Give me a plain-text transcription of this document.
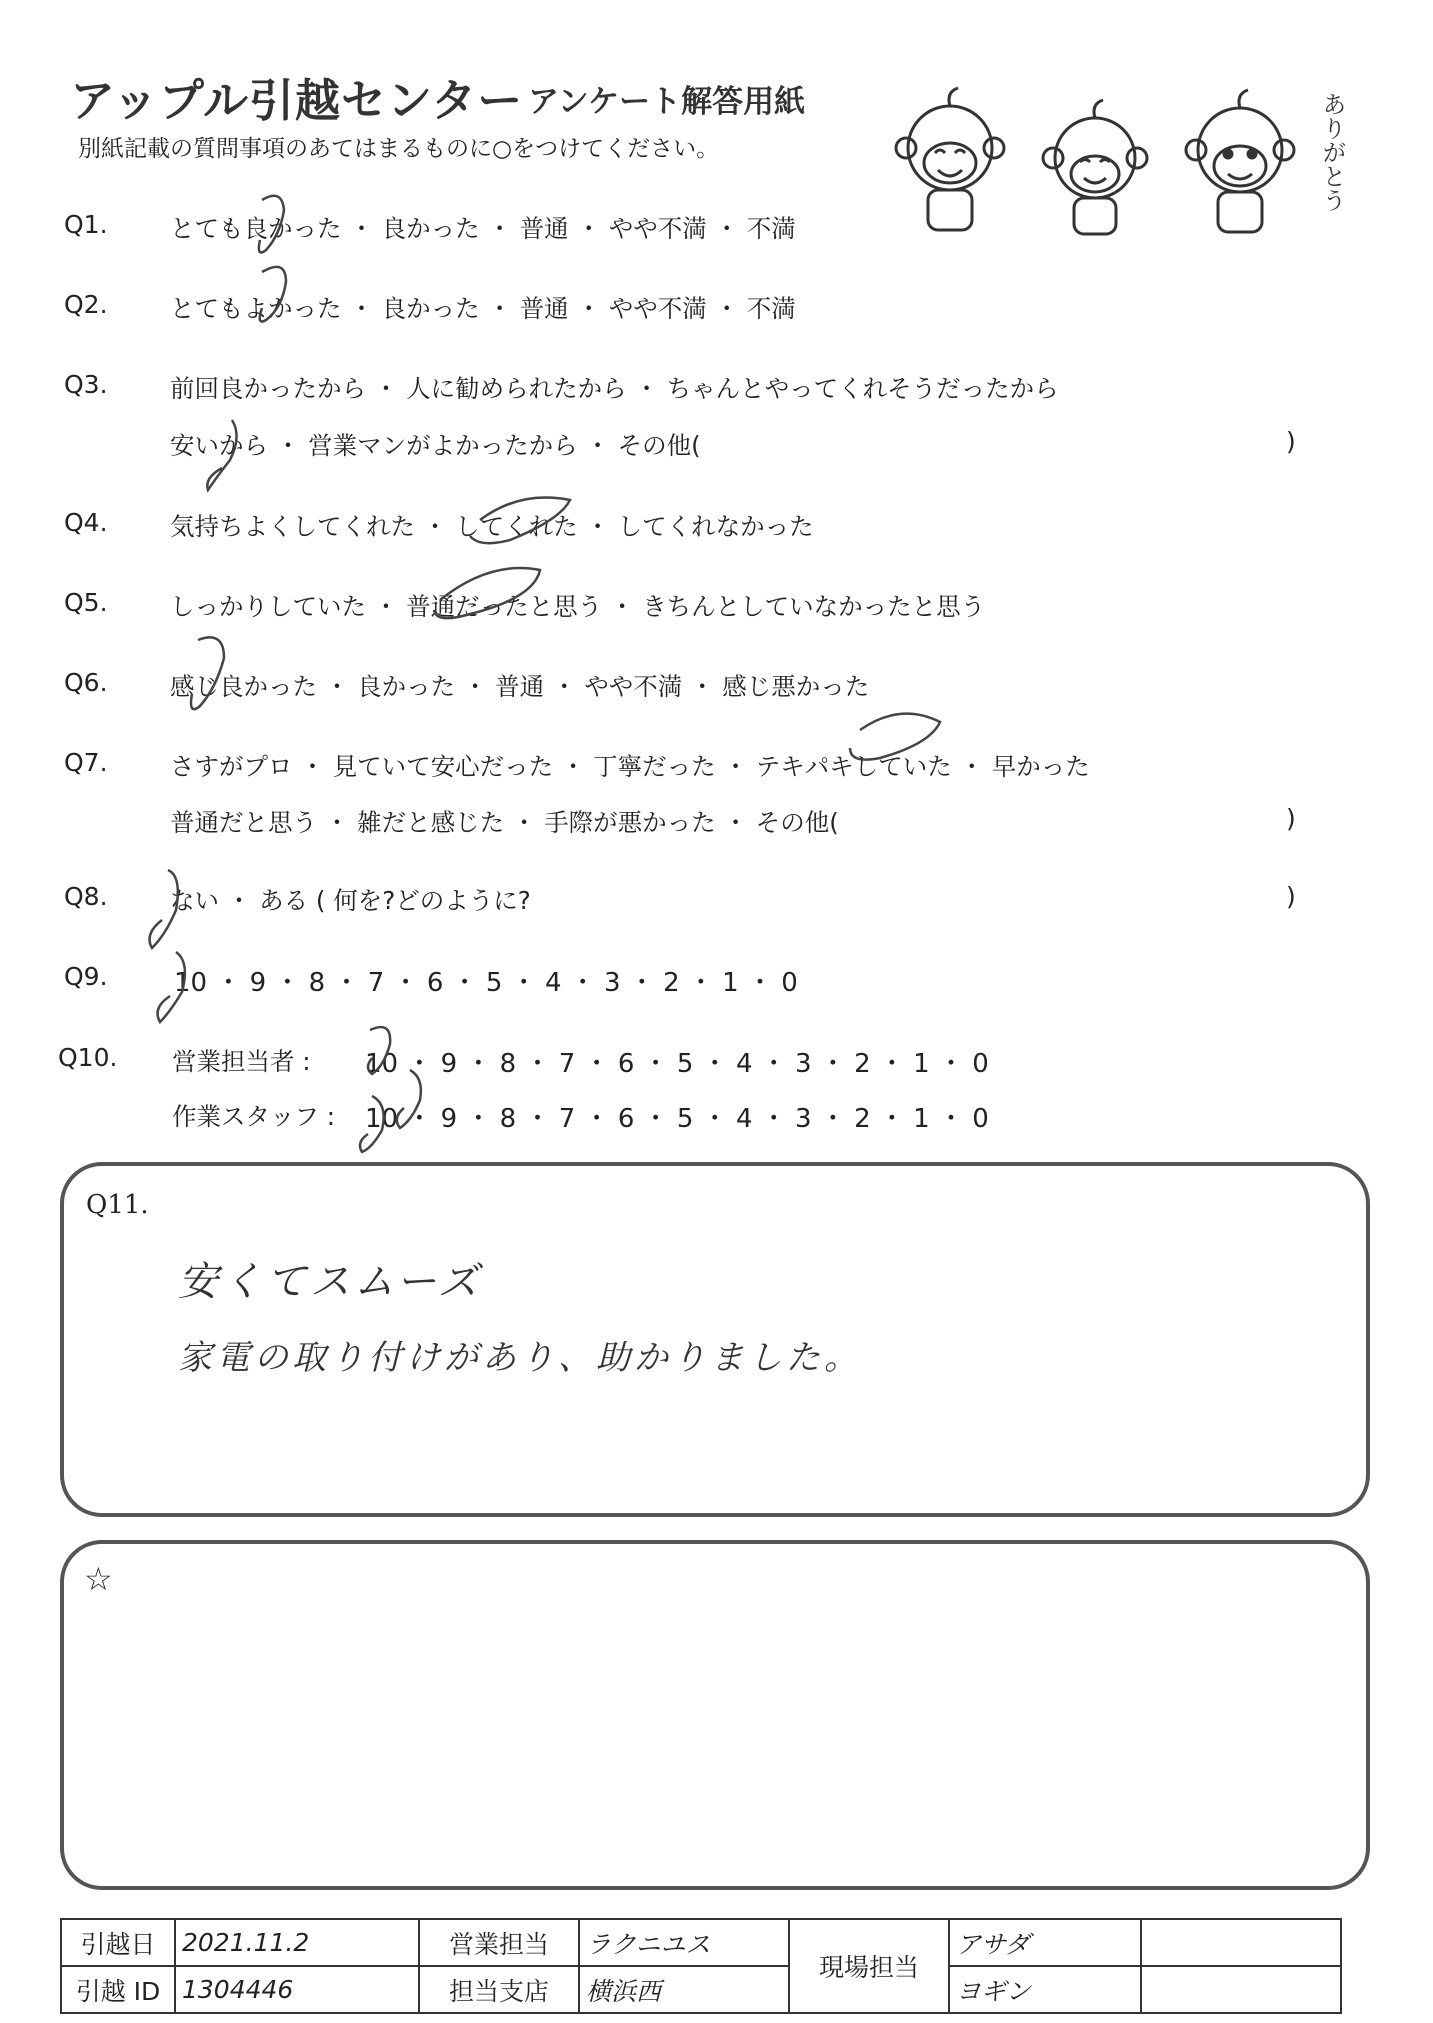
アップル引越センター アンケート解答用紙
別紙記載の質問事項のあてはまるものに○をつけてください。	ありがとう
Q1.	とても良かった ・ 良かった ・ 普通 ・ やや不満 ・ 不満
Q2.	とてもよかった ・ 良かった ・ 普通 ・ やや不満 ・ 不満
Q3.	前回良かったから ・ 人に勧められたから ・ ちゃんとやってくれそうだったから
安いから ・ 営業マンがよかったから ・ その他(	)
Q4.	気持ちよくしてくれた ・ してくれた ・ してくれなかった
Q5.	しっかりしていた ・ 普通だったと思う ・ きちんとしていなかったと思う
Q6.	感じ良かった ・ 良かった ・ 普通 ・ やや不満 ・ 感じ悪かった
Q7.	さすがプロ ・ 見ていて安心だった ・ 丁寧だった ・ テキパキしていた ・ 早かった
普通だと思う ・ 雑だと感じた ・ 手際が悪かった ・ その他(	)
Q8.	ない ・ ある ( 何を?どのように?	)
Q9.	10 ・ 9 ・ 8 ・ 7 ・ 6 ・ 5 ・ 4 ・ 3 ・ 2 ・ 1 ・ 0
Q10. 営業担当者 : 10 ・ 9 ・ 8 ・ 7 ・ 6 ・ 5 ・ 4 ・ 3 ・ 2 ・ 1 ・ 0
作業スタッフ : 10 ・ 9 ・ 8 ・ 7 ・ 6 ・ 5 ・ 4 ・ 3 ・ 2 ・ 1 ・ 0
Q11.
安くてスムーズ
家電の取り付けがあり、助かりました。
☆
引越日	2021.11.2	営業担当	ラクニユス	現場担当	アサダ	
引越 ID	1304446	担当支店	横浜西		ヨギン	
